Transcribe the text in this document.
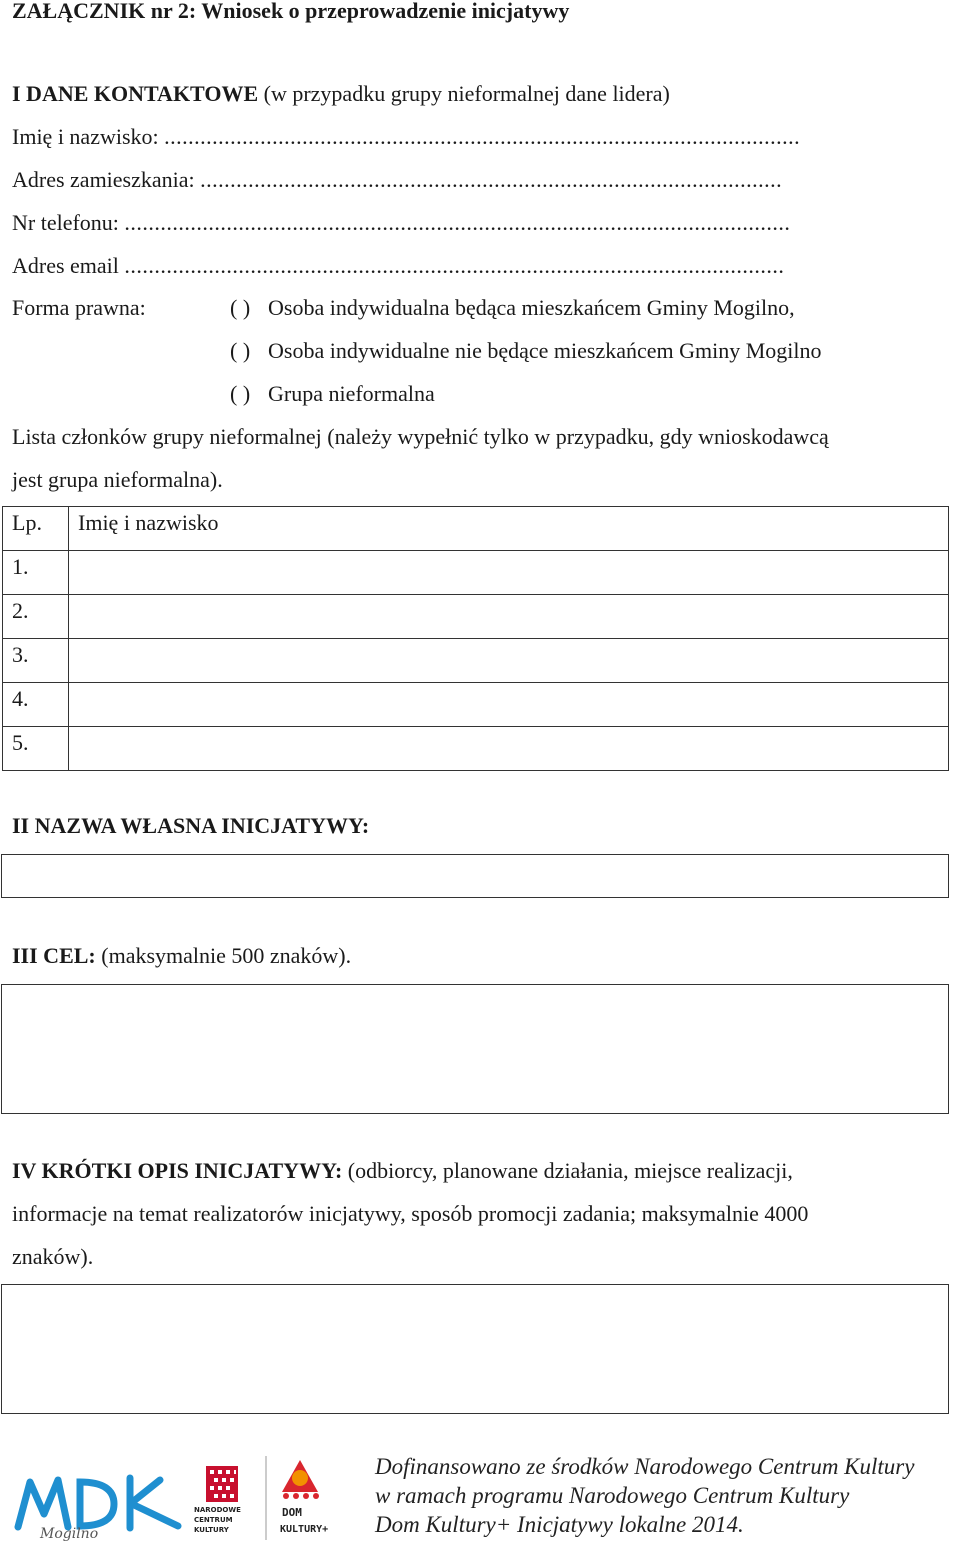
ZAŁĄCZNIK nr 2: Wniosek o przeprowadzenie inicjatywy
I DANE KONTAKTOWE (w przypadku grupy nieformalnej dane lidera)
Imię i nazwisko: ..........................................................................................................
Adres zamieszkania: .................................................................................................
Nr telefonu: ...............................................................................................................
Adres email ..............................................................................................................
Forma prawna:	( ) Osoba indywidualna będąca mieszkańcem Gminy Mogilno,
( ) Osoba indywidualne nie będące mieszkańcem Gminy Mogilno
( ) Grupa nieformalna
Lista członków grupy nieformalnej (należy wypełnić tylko w przypadku, gdy wnioskodawcą
jest grupa nieformalna).
Lp.	Imię i nazwisko
1.	
2.	
3.	
4.	
5.	
II NAZWA WŁASNA INICJATYWY:
III CEL: (maksymalnie 500 znaków).
IV KRÓTKI OPIS INICJATYWY: (odbiorcy, planowane działania, miejsce realizacji,
informacje na temat realizatorów inicjatywy, sposób promocji zadania; maksymalnie 4000
znaków).
Mogilno
NARODOWE
CENTRUM
KULTURY
DOM
KULTURY+
Dofinansowano ze środków Narodowego Centrum Kultury
w ramach programu Narodowego Centrum Kultury
Dom Kultury+ Inicjatywy lokalne 2014.
